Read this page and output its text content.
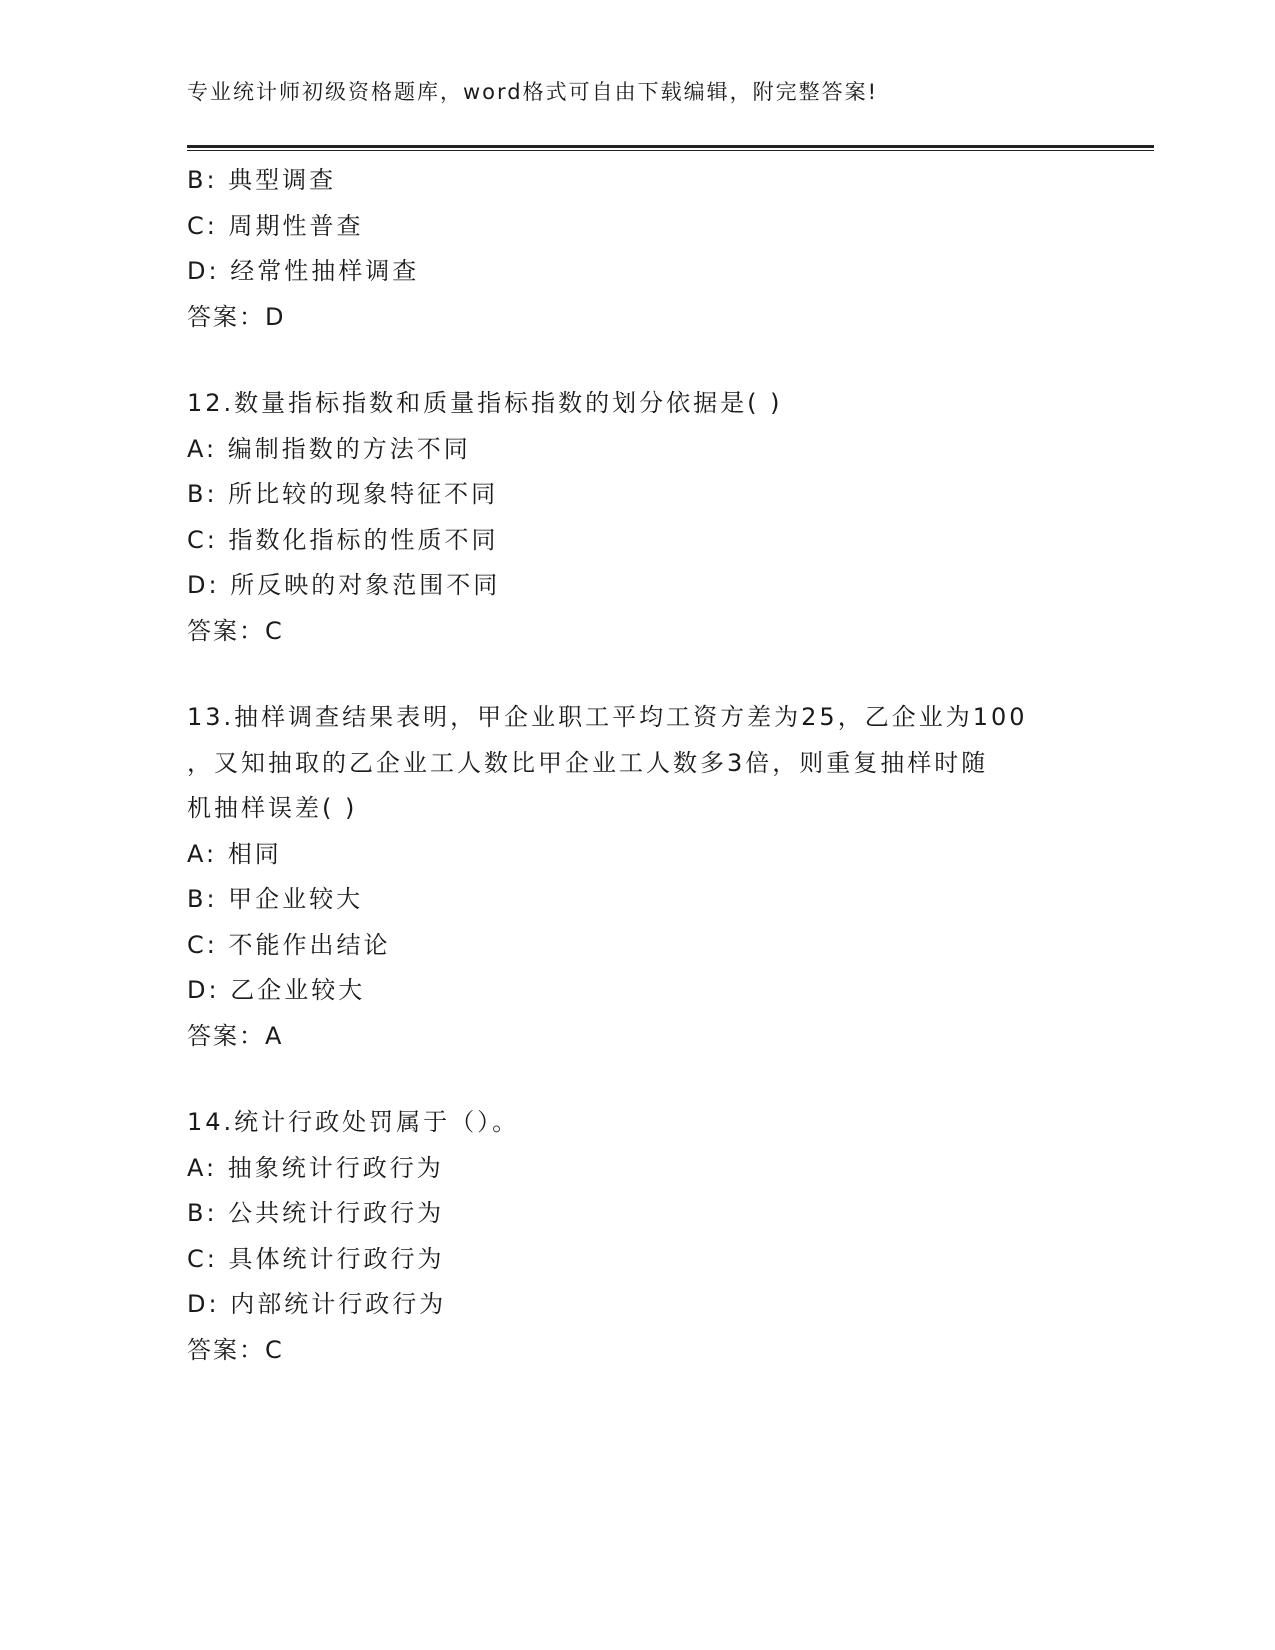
专业统计师初级资格题库，word格式可自由下载编辑，附完整答案!
B: 典型调查
C: 周期性普查
D: 经常性抽样调查
答案：D
12.数量指标指数和质量指标指数的划分依据是( )
A: 编制指数的方法不同
B: 所比较的现象特征不同
C: 指数化指标的性质不同
D: 所反映的对象范围不同
答案：C
13.抽样调查结果表明，甲企业职工平均工资方差为25，乙企业为100
，又知抽取的乙企业工人数比甲企业工人数多3倍，则重复抽样时随
机抽样误差( )
A: 相同
B: 甲企业较大
C: 不能作出结论
D: 乙企业较大
答案：A
14.统计行政处罚属于（）。
A: 抽象统计行政行为
B: 公共统计行政行为
C: 具体统计行政行为
D: 内部统计行政行为
答案：C
